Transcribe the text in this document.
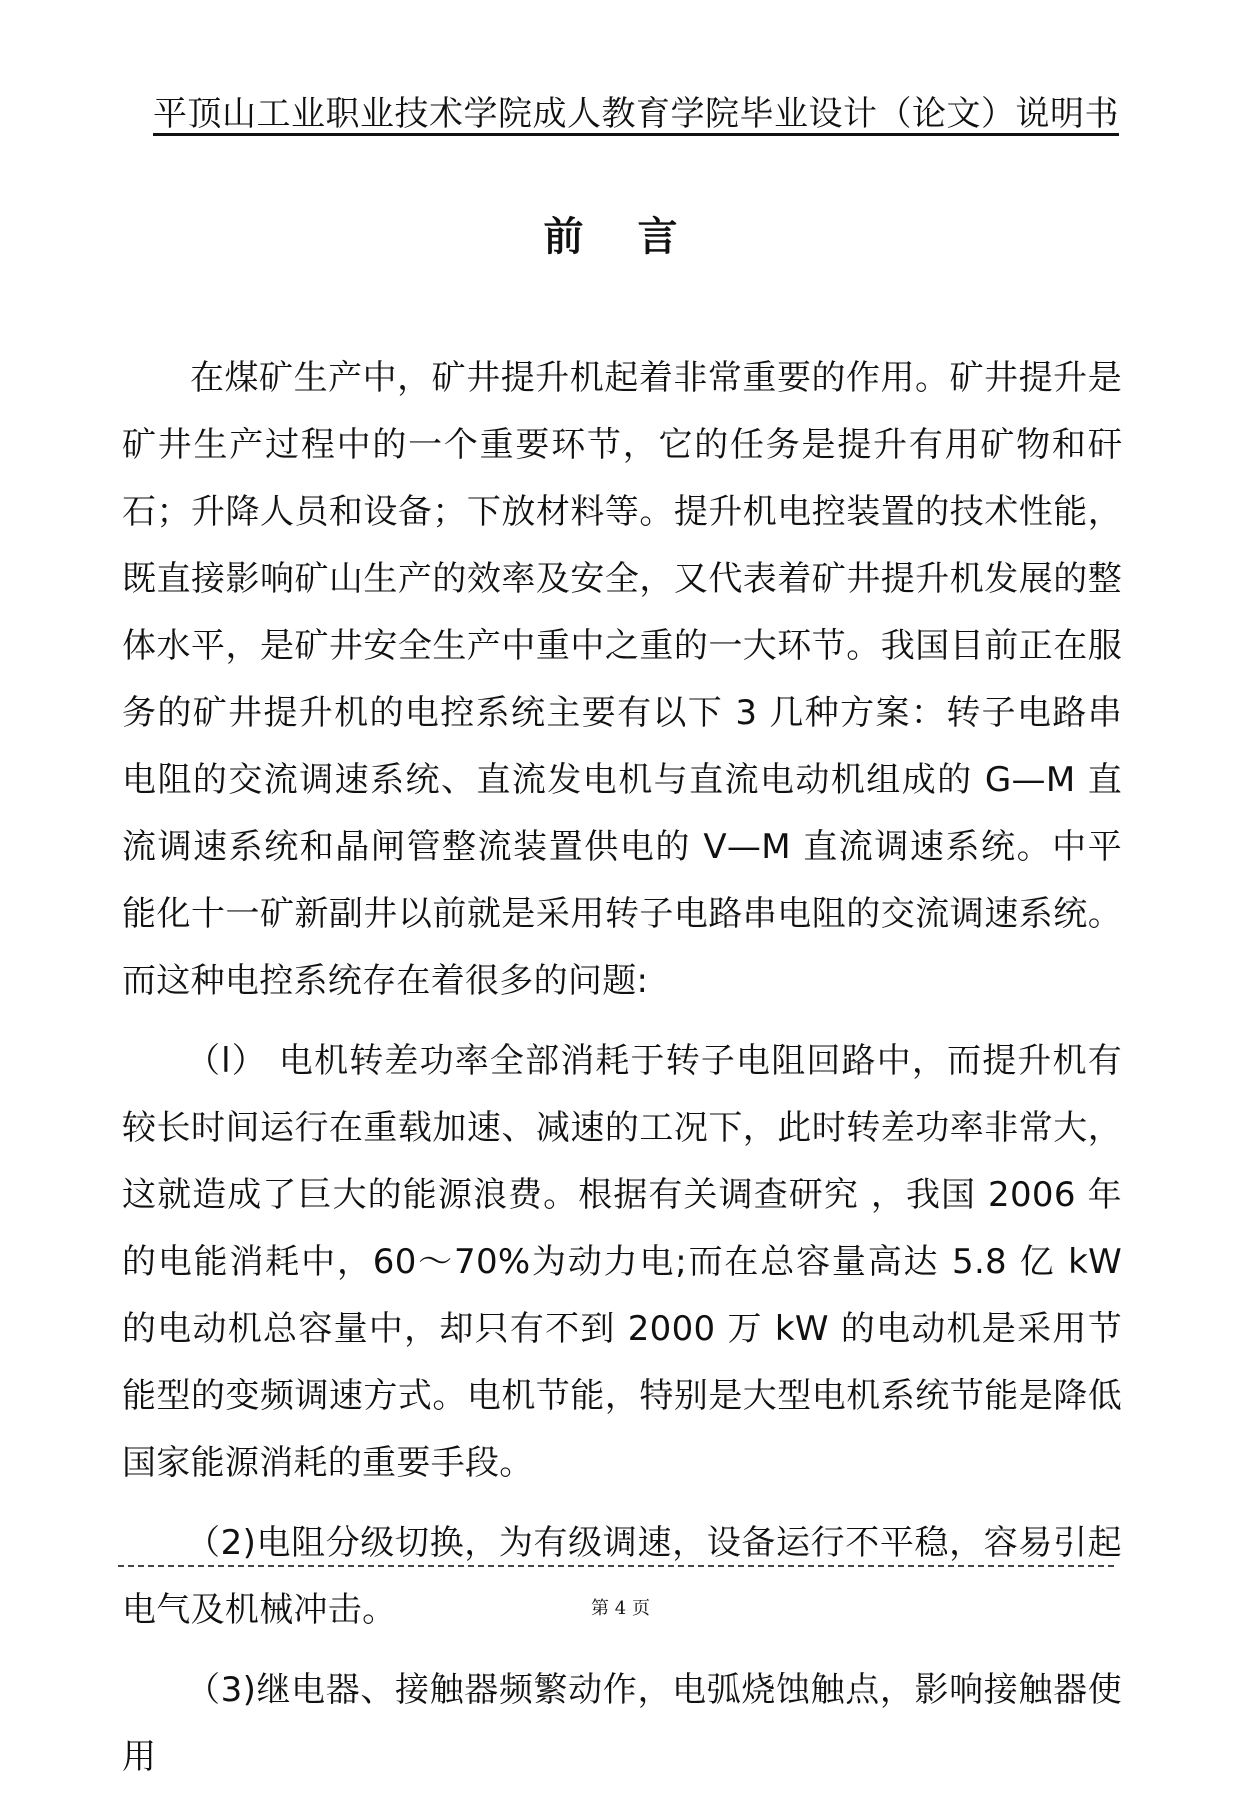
平顶山工业职业技术学院成人教育学院毕业设计（论文）说明书
前 言

在煤矿生产中，矿井提升机起着非常重要的作用。矿井提升是矿井生产过程中的一个重要环节，它的任务是提升有用矿物和矸石；升降人员和设备；下放材料等。提升机电控装置的技术性能，既直接影响矿山生产的效率及安全，又代表着矿井提升机发展的整体水平，是矿井安全生产中重中之重的一大环节。我国目前正在服务的矿井提升机的电控系统主要有以下 3 几种方案：转子电路串电阻的交流调速系统、直流发电机与直流电动机组成的 G—M 直流调速系统和晶闸管整流装置供电的 V—M 直流调速系统。中平能化十一矿新副井以前就是采用转子电路串电阻的交流调速系统。而这种电控系统存在着很多的问题:

（l） 电机转差功率全部消耗于转子电阻回路中，而提升机有较长时间运行在重载加速、减速的工况下，此时转差功率非常大，这就造成了巨大的能源浪费。根据有关调查研究 ，我国 2006 年的电能消耗中，60～70%为动力电;而在总容量高达 5.8 亿 kW 的电动机总容量中，却只有不到 2000 万 kW 的电动机是采用节能型的变频调速方式。电机节能，特别是大型电机系统节能是降低国家能源消耗的重要手段。

（2)电阻分级切换，为有级调速，设备运行不平稳，容易引起电气及机械冲击。

（3)继电器、接触器频繁动作，电弧烧蚀触点，影响接触器使用

第 4 页
